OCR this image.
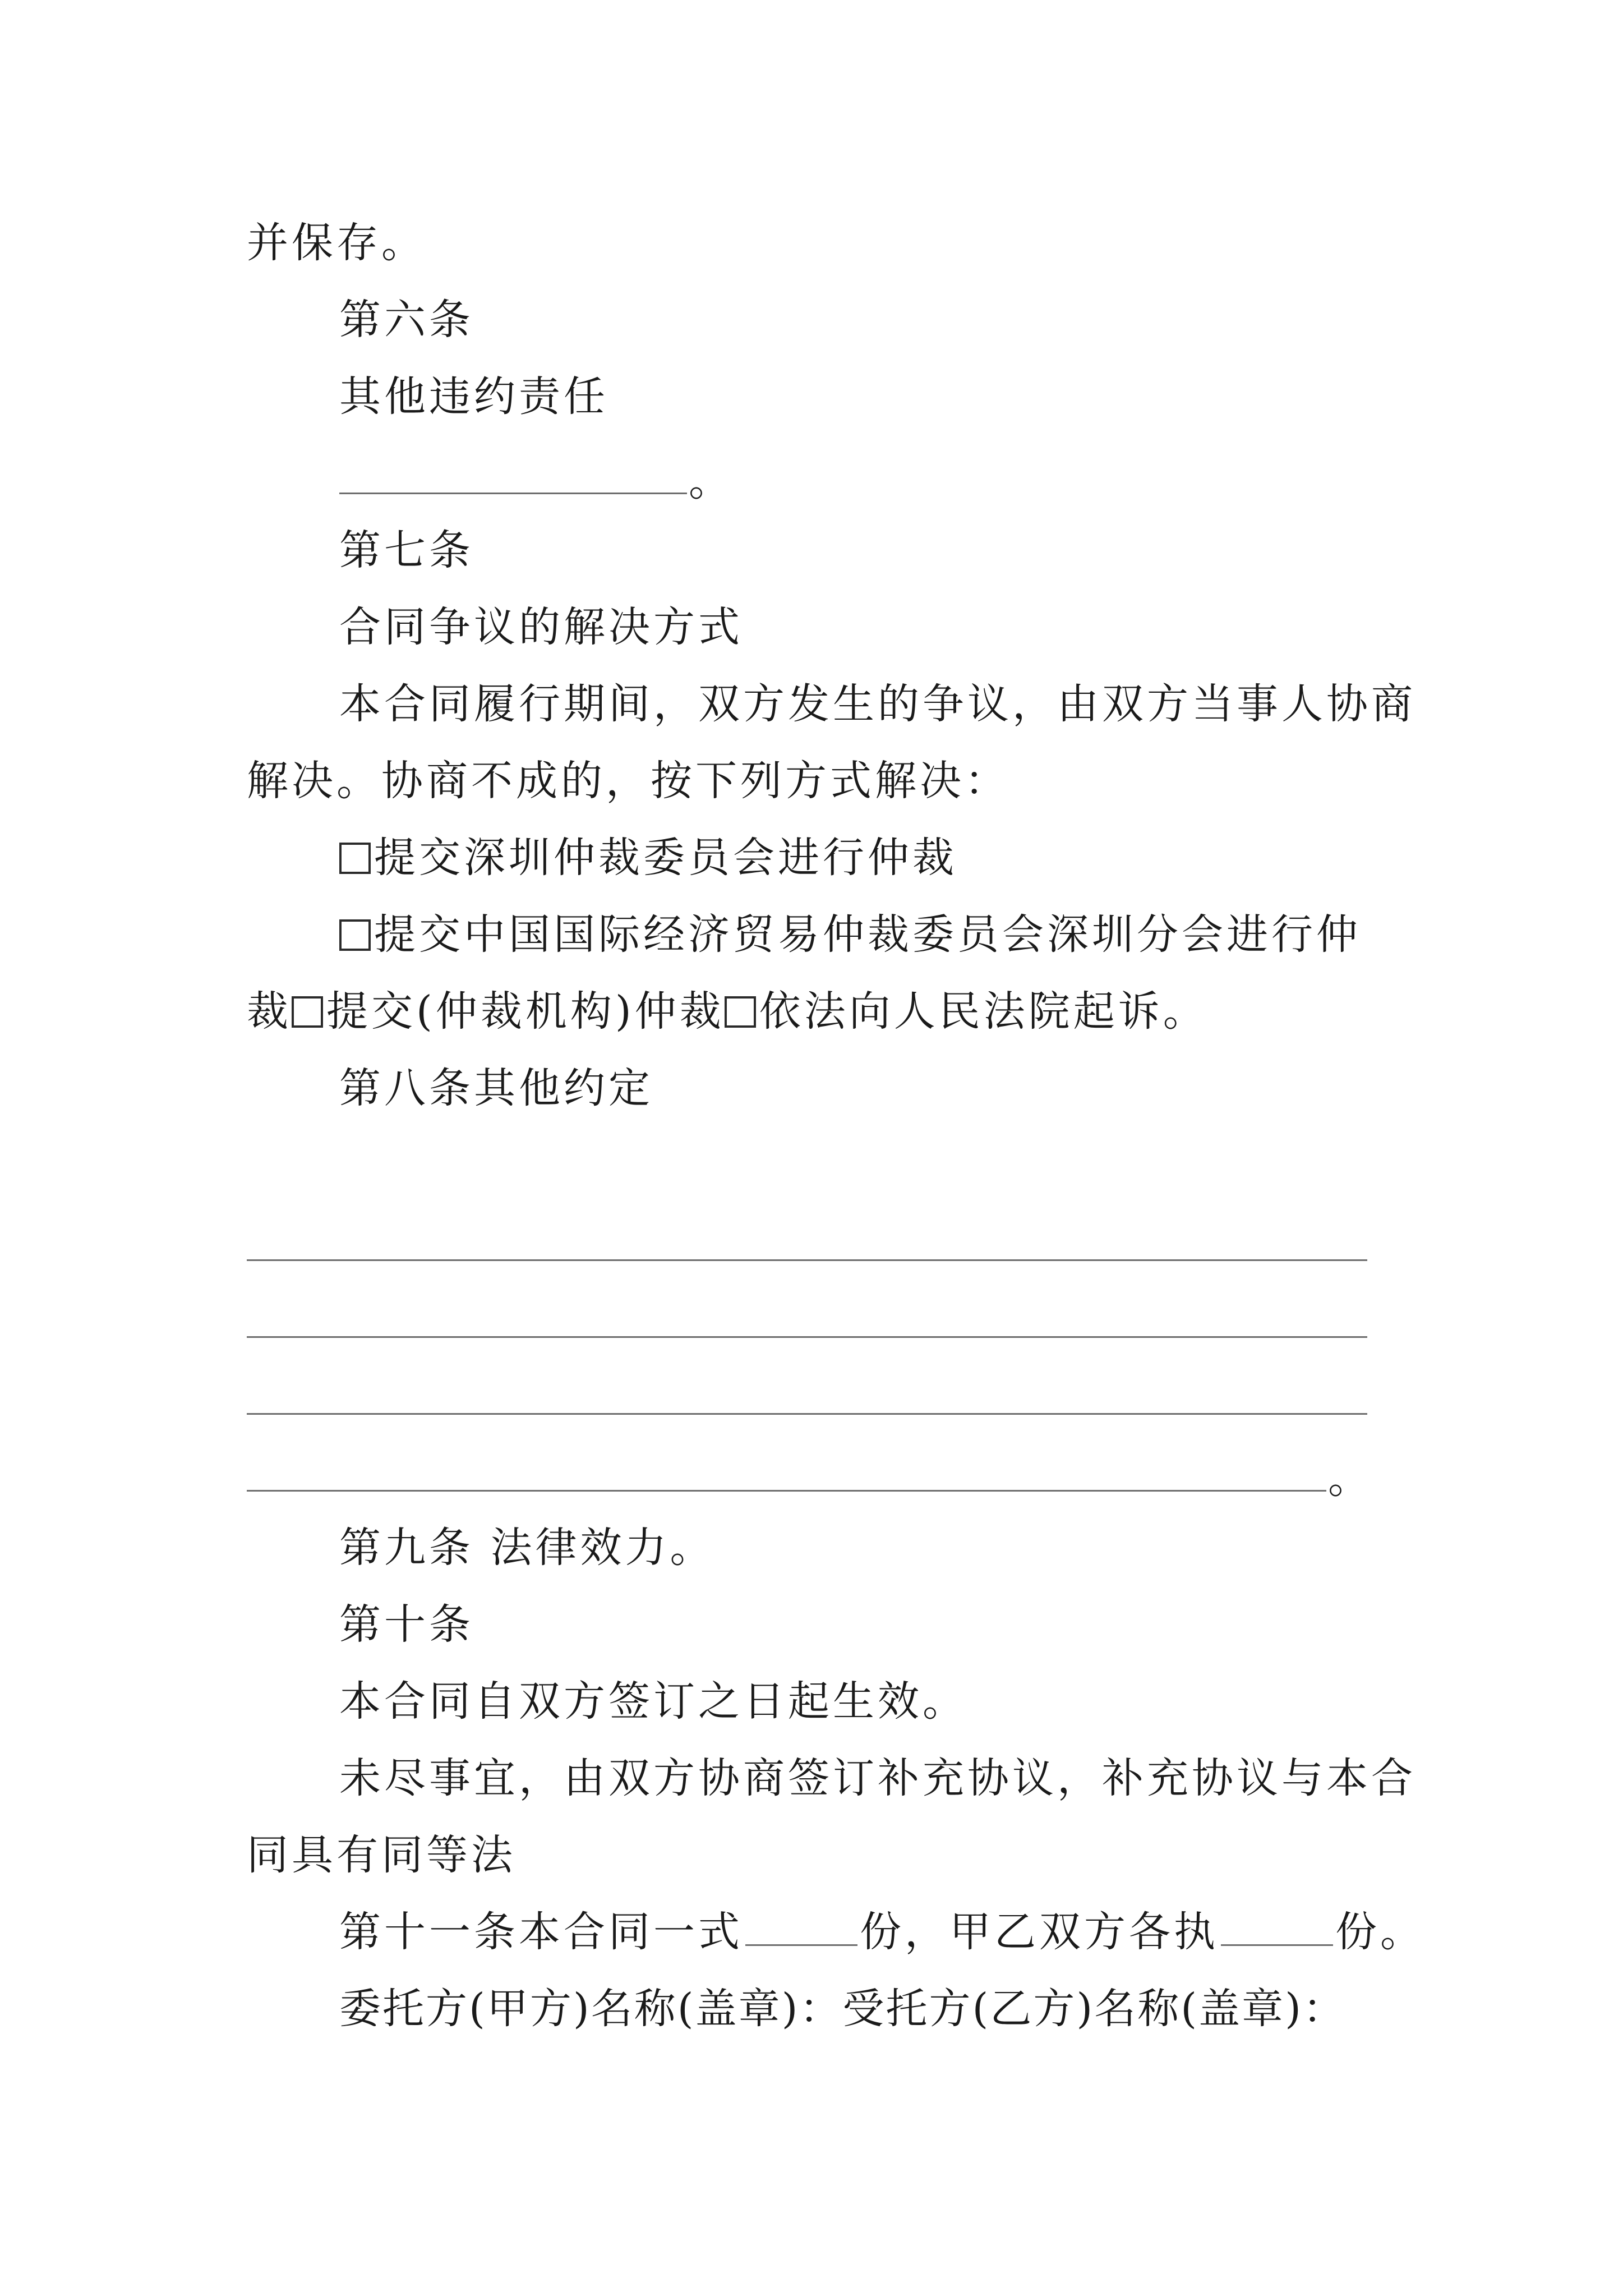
并保存。
第六条
其他违约责任
。
第七条
合同争议的解决方式
本合同履行期间，双方发生的争议，由双方当事人协商
解决。协商不成的，按下列方式解决：
提交深圳仲裁委员会进行仲裁
提交中国国际经济贸易仲裁委员会深圳分会进行仲
裁 提交(仲裁机构)仲裁 依法向人民法院起诉。
第八条其他约定
。
第九条 法律效力。
第十条
本合同自双方签订之日起生效。
未尽事宜，由双方协商签订补充协议，补充协议与本合
同具有同等法
第十一条本合同一式	份，甲乙双方各执	份。
委托方(甲方)名称(盖章)：受托方(乙方)名称(盖章)：
